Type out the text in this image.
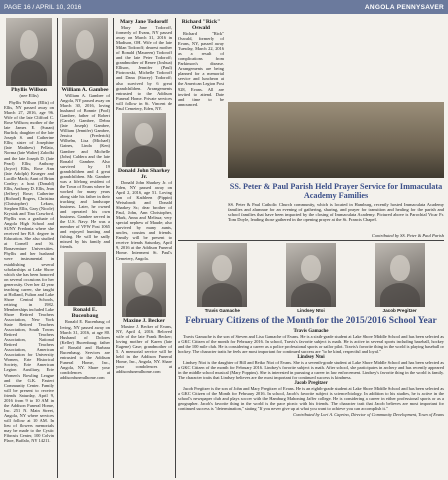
PAGE 16 / APRIL 10, 2016	ANGOLA PENNYSAVER
Phyllis Willson
(nee Ellis)

Phyllis Willson (Ellis) of Ellis, NY passed away on March 27, 2016, age 96. Wife of the late Clifford C. Rose Willson; mother of the late James E. (Susan) Burlick; daughter of the late Joseph S. and Catherine Ellis; sister of Josephine (late Matthew) Pellato, Norma (late Walter) Zalodki and the late Joseph D. (late Pearl) Ellis; Anthony (Joyce) Ellis, Rose Ann (late Adolph) Krueger and Lucille Mack; Aunt of Brian Conley; a host (Donald) Ellis, Anthony D. Ellis, Jean (Jeffrey) Rose; Catherine (Richard) Rogers, Christina (Christopher) Lekuw, Stephen Ellis, Gary (Nicole) Krysiak and Tina Crawford. Phyllis was a graduate of Angola High School and SUNY Fredonia where she received her B.S. degree in Education. She also studied at Cornell and St. Bonaventure Universities. Phyllis and her husband were instrumental in establishing several scholarships at Lake Shore which she has been honored on several occasions for her generosity. Over her 42 year teaching career, she taught at Holland, Fulton and Lake Shore Central Schools, retiring in 1982. Memberships included Lake Shore Retired Teachers Association, New York State Retired Teachers Association, South Towns Retired Teachers Association, National Retired Teachers Association, American Association for University Women, Erie Historical Society, Erie American Legion Auxiliary, Erie Women's Bowling League and the G.K. Fasteri Community Center. Family will be present to receive friends Saturday, April 9, 2016 from 9 to 10 AM in the Addison Funeral Home, Inc. 251 N. Main Street, Angola, NY where services will follow at 10 AM. In lieu of flowers memorials may be made to the Cystic Fibrosis Center, 100 Colvin Place, Buffalo, NY 14211.

William A. Gambee

William A. Gambee of Angola, NY passed away on March 30, 2016, loving husband of Bonnie (Pool) Gambee, father of Robert (Carole) Gambee, Debra (late Joseph) Gambee, William (Jennifer) Gambee, Jessica (Frederick) Wilhelm, Lisa (Michael) Gaines, Linda (Ken) Gambee and Michelle (John) Caldera and the late Ronald Gambee. Also survived by 19 grandchildren and 4 great grandchildren. Mr. Gambee was a lifelong resident of the Town of Evans where he worked for many years along side his father in their trucking and landscape business. Later, he owned and operated his own business. Gambee served in the U.S. Navy. He was a member of VFW Post 1065 and enjoyed hunting and fishing. He will be sadly missed by his family and friends.

Ronald E. Bucenbaug

Ronald E. Bucenbaug of Irving, NY passed away on March 31, 2016, at age 80. Husband of Dolores (Keller) Bucenbaug; father of Ronald and Barbara Bucenbaug. Services are entrusted to the Addison Funeral Home, Inc., Angola, NY. Share your condolences at addisonfuneralhome.com

Mary Jane Todoroff

Mary Jane Todoroff, formerly of Evans, NY passed away on March 31, 2016 in Madison, OH. Wife of the late Milan Todoroff; dearest mother of Ronald (Maureen) Todoroff and the late Peter Todoroff; grandmother of Renee (Joshua) Ellison, Jennifer (Paul) Piotrowski, Michelle Todoroff and Dana (Stacey) Todoroff; also survived by 6 great grandchildren. Arrangements entrusted to the Addison Funeral Home. Private services will follow in St. Vincent de Paul Cemetery, Eden, NY.

Donald John Sharkey Jr.

Donald John Sharkey Jr. of Eden, NY passed away on April 2, 2016, age 51. Loving son of Kathleen (Pippin) Weissbrodt and Donald Sharkey Sr.; dear brother of Paul, John, Ann Christopher, Mark, Anna and Melissa; very special nephew of Maude; also survived by many aunts, uncles, cousins and friends. Family will be present to receive friends Saturday, April 9, 2016 at the Addison Funeral Home. Interment St. Paul's Cemetery, Angola.

Maxine J. Becker

Maxine J. Becker of Evans, NY, April 4, 2016. Beloved wife of the late Frank Becker; loving mother of Karen (late Eugene) Case; grandmother of 5. A memorial service will be held in the Addison Funeral Home, Inc., Angola, NY. Share your condolences at addisonfuneralhome.com

Richard "Rick" Oswald

Richard "Rick" Oswald, formerly of Evans, NY, passed away Tuesday, March 22, 2016 as a result of complications from Parkinson's disease. Arrangements are being planned for a memorial service and luncheon at the American Legion Post 928, Evans. All are invited to attend. Date and time to be announced.

SS. Peter & Paul Parish Held Prayer Service for Immaculata Academy Families

SS. Peter & Paul Catholic Church community, which is located in Hamburg, recently hosted Immaculata Academy families and alumnae for an evening of gathering, sharing, and prayer for transition and healing for the parish and school families that have been impacted by the closing of Immaculata Academy. Pictured above is Parochial Vicar Fr. Tom Doyle, leading those gathered in the opening prayer at the St. Francis Chapel.

Contributed by SS. Peter & Paul Parish

Travis Gamache	Lindsey Ntoi	Jacob Pregitzer
February Citizens of the Month for the 2015/2016 School Year
Travis Gamache

Travis Gamache is the son of Steven and Lisa Gamache of Evans. He is a sixth-grade student at Lake Shore Middle School and has been selected as a GKC Citizen of the month for February 2016. In school, Travis's favorite subject is math. He is active in several sports including baseball, hockey and the 100 mile club. He is considering a career as a police professional sports or sailor pilot. Travis's favorite thing in the world is playing baseball or hockey. The character traits he feels are most important for continued success are "to be kind, respectful and loyal."

Lindsey Ntoi

Lindsey Ntoi is the daughter of Bill and Reiko Ntoi of Evans. She is a seventh-grade student at Lake Shore Middle School and has been selected as a GKC Citizen of the month for February 2016. Lindsey's favorite subject is math. After school, she participates in archery and has recently appeared in the middle school musical (Mary Poppins). She is interested in pursuing a career in law enforcement. Lindsey's favorite thing in the world is family. The character traits that Lindsey believes are the most important for continued success is kindness.

Jacob Pregitzer

Jacob Pregitzer is the son of John and Mary Pregitzer of Evans. He is an eighth-grade student at Lake Shore Middle School and has been selected as a GKC Citizen of the Month for February 2016. In school, Jacob's favorite subject is science/biology. In addition to his studies, he is active in the school's newspaper club and plays soccer with the Hamburg Mahoning Jaffer college. He is considering a career in either professional sports or as a geographer. Jacob's favorite thing in the world is the pace picnic with his friends. The character trait that Jacob believes are most important for continued success is "determination," stating "If you never give up at what you want to achieve you can accomplish it."

Contributed by Lori A. Caprino, Director of Community Development, Town of Evans
